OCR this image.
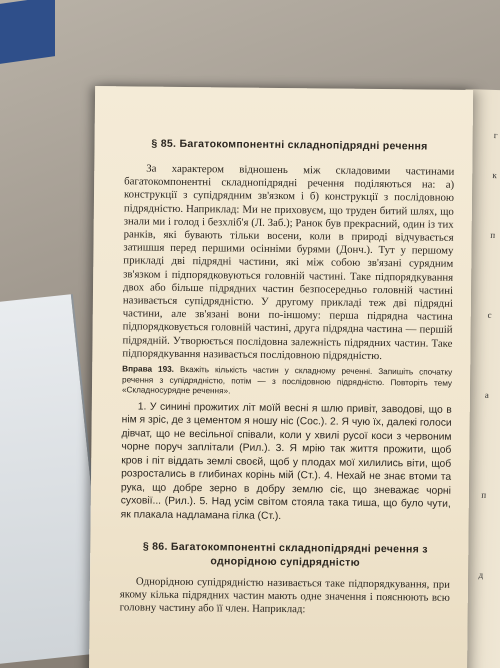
г
к
п
с
а
п
д
§ 85. Багатокомпонентні складнопідрядні речення

За характером відношень між складовими частинами багатокомпонентні складнопідрядні речення поділяються на: а) конструкції з супідрядним зв'язком і б) конструкції з послідовною підрядністю. Наприклад: Ми не приховуєм, що труден битий шлях, що знали ми і голод і безхліб'я (Л. Заб.); Ранок був прекрасний, один із тих ранків, які бувають тільки восени, коли в природі відчувається затишшя перед першими осінніми бурями (Донч.). Тут у першому прикладі дві підрядні частини, які між собою зв'язані сурядним зв'язком і підпорядковуються головній частині. Таке підпорядкування двох або більше підрядних частин безпосередньо головній частині називається супідрядністю. У другому прикладі теж дві підрядні частини, але зв'язані вони по-іншому: перша підрядна частина підпорядковується головній частині, друга підрядна частина — першій підрядній. Утворюється послідовна залежність підрядних частин. Таке підпорядкування називається послідовною підрядністю.

Вправа 193. Вкажіть кількість частин у складному реченні. Запишіть спочатку речення з супідрядністю, потім — з послідовною підрядністю. Повторіть тему «Складносурядне речення».

1. У синині прожитих літ моїй весні я шлю привіт, заводові, що в нім я зріс, де з цементом я ношу ніс (Сос.). 2. Я чую їх, далекі голоси дівчат, що не весільної співали, коли у хвилі русої коси з червоним чорне поруч заплітали (Рил.). 3. Я мрію так життя прожити, щоб кров і піт віддать землі своєй, щоб у плодах мої хилились віти, щоб розростались в глибинах корінь мій (Ст.). 4. Нехай не знає втоми та рука, що добре зерно в добру землю сіє, що зневажає чорні суховії... (Рил.). 5. Над усім світом стояла така тиша, що було чути, як плакала надламана гілка (Ст.).

§ 86. Багатокомпонентні складнопідрядні речення з однорідною супідрядністю

Однорідною супідрядністю називається таке підпорядкування, при якому кілька підрядних частин мають одне значення і пояснюють всю головну частину або її член. Наприклад:
